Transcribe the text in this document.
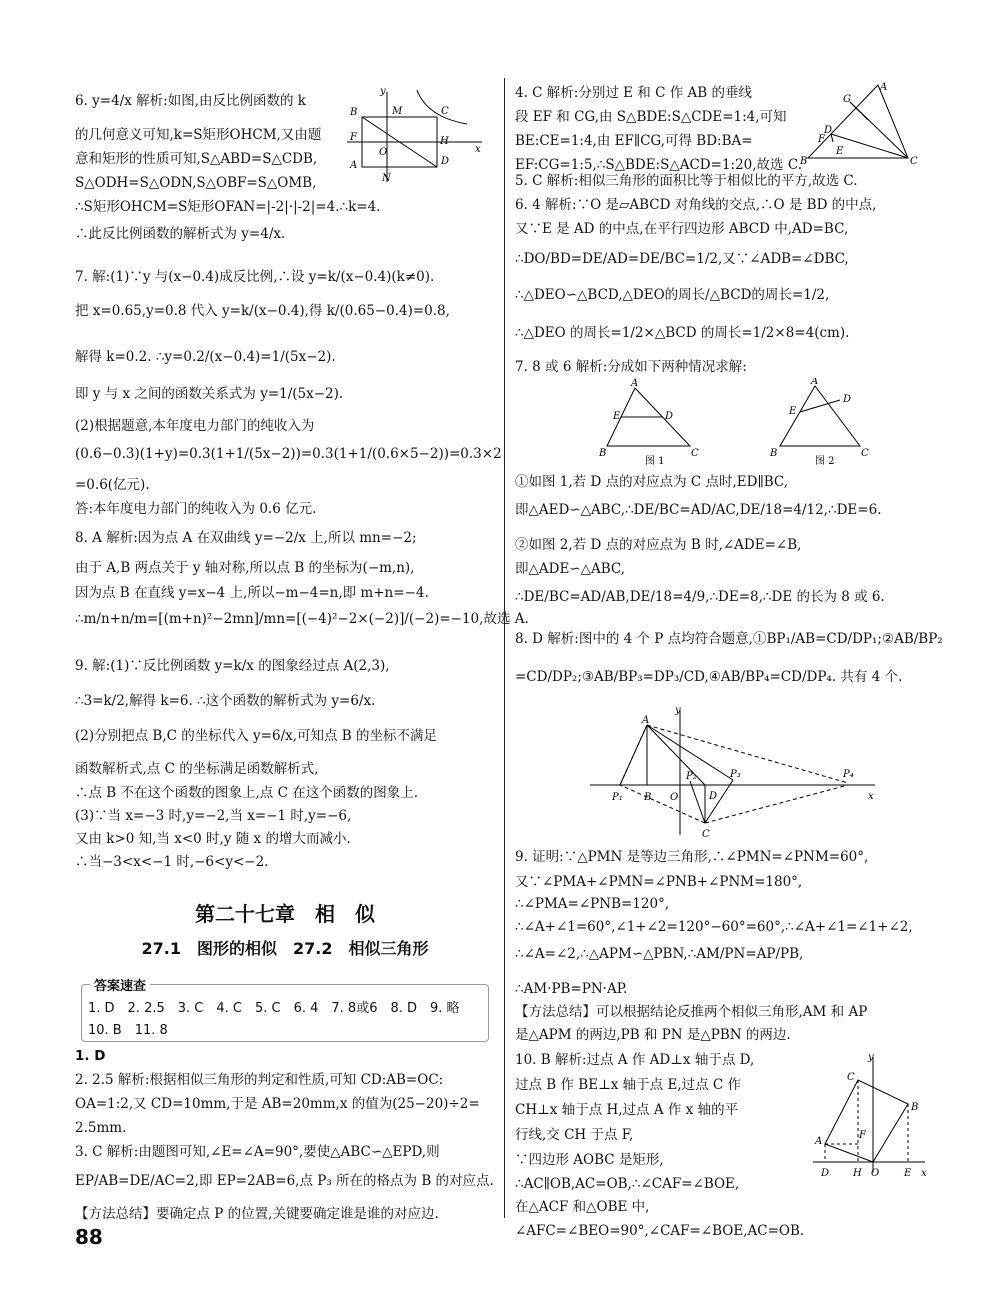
6. y=4/x 解析:如图,由反比例函数的 k
的几何意义可知,k=S矩形OHCM,又由题
意和矩形的性质可知,S△ABD=S△CDB,
S△ODH=S△ODN,S△OBF=S△OMB,
∴S矩形OHCM=S矩形OFAN=|-2|·|-2|=4.∴k=4.
∴此反比例函数的解析式为 y=4/x.
y
B	M	C
F
O
H
x
A
N
D
7. 解:(1)∵y 与(x−0.4)成反比例,∴设 y=k/(x−0.4)(k≠0).
把 x=0.65,y=0.8 代入 y=k/(x−0.4),得 k/(0.65−0.4)=0.8,
解得 k=0.2. ∴y=0.2/(x−0.4)=1/(5x−2).
即 y 与 x 之间的函数关系式为 y=1/(5x−2).
(2)根据题意,本年度电力部门的纯收入为
(0.6−0.3)(1+y)=0.3(1+1/(5x−2))=0.3(1+1/(0.6×5−2))=0.3×2
=0.6(亿元).
答:本年度电力部门的纯收入为 0.6 亿元.
8. A 解析:因为点 A 在双曲线 y=−2/x 上,所以 mn=−2;
由于 A,B 两点关于 y 轴对称,所以点 B 的坐标为(−m,n),
因为点 B 在直线 y=x−4 上,所以−m−4=n,即 m+n=−4.
∴m/n+n/m=[(m+n)²−2mn]/mn=[(−4)²−2×(−2)]/(−2)=−10,故选 A.
9. 解:(1)∵反比例函数 y=k/x 的图象经过点 A(2,3),
∴3=k/2,解得 k=6. ∴这个函数的解析式为 y=6/x.
(2)分别把点 B,C 的坐标代入 y=6/x,可知点 B 的坐标不满足
函数解析式,点 C 的坐标满足函数解析式,
∴点 B 不在这个函数的图象上,点 C 在这个函数的图象上.
(3)∵当 x=−3 时,y=−2,当 x=−1 时,y=−6,
又由 k>0 知,当 x<0 时,y 随 x 的增大而减小.
∴当−3<x<−1 时,−6<y<−2.
第二十七章　相　似
27.1　图形的相似　27.2　相似三角形
答案速查
1. D　2. 2.5　3. C　4. C　5. C　6. 4　7. 8或6　8. D　9. 略
10. B　11. 8
1. D
2. 2.5 解析:根据相似三角形的判定和性质,可知 CD:AB=OC:
OA=1:2,又 CD=10mm,于是 AB=20mm,x 的值为(25−20)÷2=
2.5mm.
3. C 解析:由题图可知,∠E=∠A=90°,要使△ABC∽△EPD,则
EP/AB=DE/AC=2,即 EP=2AB=6,点 P₃ 所在的格点为 B 的对应点.
【方法总结】要确定点 P 的位置,关键要确定谁是谁的对应边.
4. C 解析:分别过 E 和 C 作 AB 的垂线
段 EF 和 CG,由 S△BDE:S△CDE=1:4,可知
BE:CE=1:4,由 EF∥CG,可得 BD:BA=
EF:CG=1:5,∴S△BDE:S△ACD=1:20,故选 C.
A
G
D
F
E
B	C
5. C 解析:相似三角形的面积比等于相似比的平方,故选 C.
6. 4 解析:∵O 是▱ABCD 对角线的交点,∴O 是 BD 的中点,
又∵E 是 AD 的中点,在平行四边形 ABCD 中,AD=BC,
∴DO/BD=DE/AD=DE/BC=1/2,又∵∠ADB=∠DBC,
∴△DEO∽△BCD,△DEO的周长/△BCD的周长=1/2,
∴△DEO 的周长=1/2×△BCD 的周长=1/2×8=4(cm).
7. 8 或 6 解析:分成如下两种情况求解:
A
E	D
B	C
图 1
A
E
D
B	C
图 2
①如图 1,若 D 点的对应点为 C 点时,ED∥BC,
即△AED∽△ABC,∴DE/BC=AD/AC,DE/18=4/12,∴DE=6.
②如图 2,若 D 点的对应点为 B 时,∠ADE=∠B,
即△ADE∽△ABC,
∴DE/BC=AD/AB,DE/18=4/9,∴DE=8,∴DE 的长为 8 或 6.
8. D 解析:图中的 4 个 P 点均符合题意,①BP₁/AB=CD/DP₁;②AB/BP₂
=CD/DP₂;③AB/BP₃=DP₃/CD,④AB/BP₄=CD/DP₄. 共有 4 个.
A
y
P₁ B O
P₂
D
P₃	P₄
x
C
9. 证明:∵△PMN 是等边三角形,∴∠PMN=∠PNM=60°,
又∵∠PMA+∠PMN=∠PNB+∠PNM=180°,
∴∠PMA=∠PNB=120°,
∴∠A+∠1=60°,∠1+∠2=120°−60°=60°,∴∠A+∠1=∠1+∠2,
∴∠A=∠2,∴△APM∽△PBN,∴AM/PN=AP/PB,
∴AM·PB=PN·AP.
【方法总结】可以根据结论反推两个相似三角形,AM 和 AP
是△APM 的两边,PB 和 PN 是△PBN 的两边.
10. B 解析:过点 A 作 AD⊥x 轴于点 D,
过点 B 作 BE⊥x 轴于点 E,过点 C 作
CH⊥x 轴于点 H,过点 A 作 x 轴的平
行线,交 CH 于点 F,
∵四边形 AOBC 是矩形,
∴AC∥OB,AC=OB,∴∠CAF=∠BOE,
在△ACF 和△OBE 中,
∠AFC=∠BEO=90°,∠CAF=∠BOE,AC=OB.
y
C
B
A
F
D H O E x
88
